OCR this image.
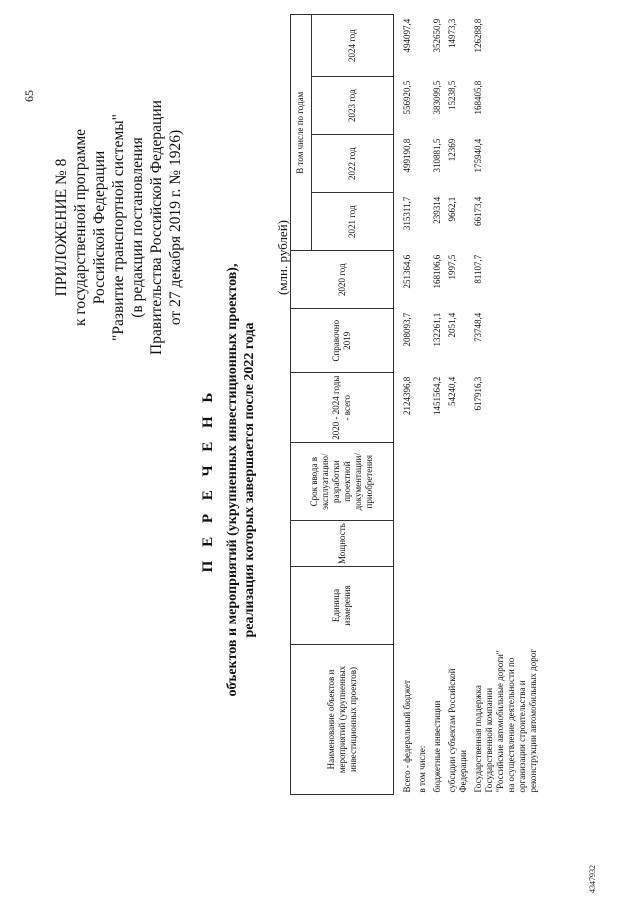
65
ПРИЛОЖЕНИЕ № 8 к государственной программе Российской Федерации "Развитие транспортной системы" (в редакции постановления Правительства Российской Федерации от 27 декабря 2019 г. № 1926)
П Е Р Е Ч Е Н Ь объектов и мероприятий (укрупненных инвестиционных проектов), реализация которых завершается после 2022 года
(млн. рублей)
Наименование объектов и мероприятий (укрупненных инвестиционных проектов)	Единица измерения	Мощность	Срок ввода в эксплуатацию/ разработки проектной документации/ приобретения	2020 - 2024 годы - всего	Справочно 2019	2020 год	В том числе по годам			
							2021 год	2022 год	2023 год	2024 год

Всего - федеральный бюджет				2124396,8	208093,7	251364,6	315311,7	499190,8	556920,5	494097,4
в том числе:										
бюджетные инвестиции				1451564,2	132261,1	168106,6	239314	310881,5	383099,5	352650,9
субсидии субъектам Российской Федерации				54240,4	2051,4	1997,5	9662,1	12369	15238,5	14973,3
Государственная поддержка Государственной компании "Российские автомобильные дороги" на осуществление деятельности по организации строительства и реконструкции автомобильных дорог				617916,3	73748,4	81107,7	66173,4	175940,4	168405,8	126288,8
4347932
